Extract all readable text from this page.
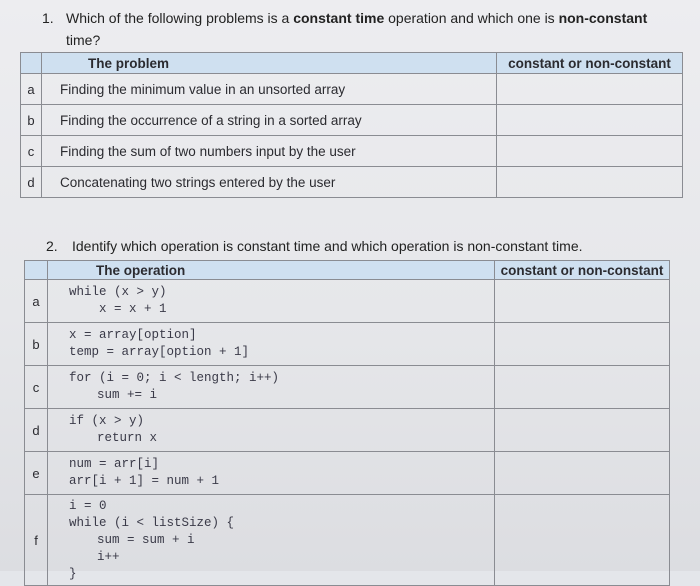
1. Which of the following problems is a constant time operation and which one is non-constant
time?
	The problem	constant or non-constant
a	Finding the minimum value in an unsorted array	
b	Finding the occurrence of a string in a sorted array	
c	Finding the sum of two numbers input by the user	
d	Concatenating two strings entered by the user	
2. Identify which operation is constant time and which operation is non-constant time.
	The operation	constant or non-constant
a	while (x > y)
x = x + 1	

b	x = array[option]
temp = array[option + 1]	

c	for (i = 0; i < length; i++)
sum += i	

d	if (x > y)
return x	

e	num = arr[i]
arr[i + 1] = num + 1	

f	i = 0
while (i < listSize) {
sum = sum + i
i++
}	
